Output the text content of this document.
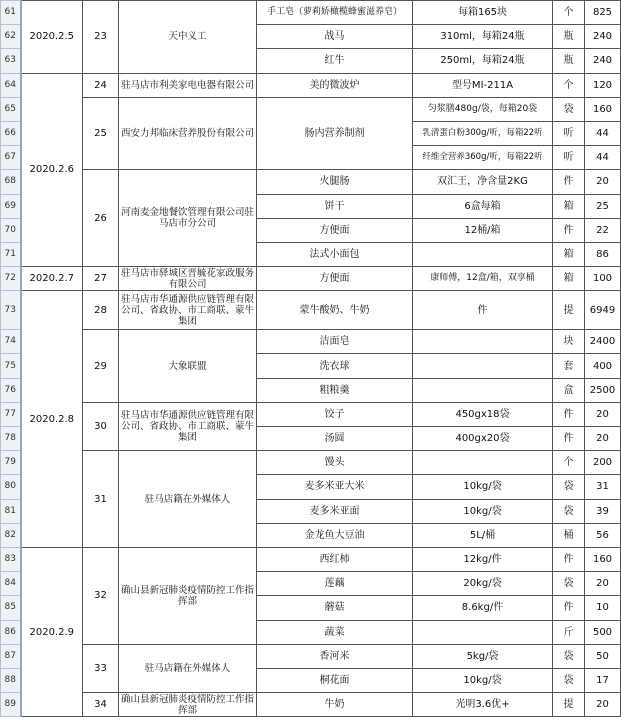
61	2020.2.5	23	天中义工	手工皂（萝莉娇橄榄蜂蜜滋养皂）	每箱165块	个	825
62				战马	310ml，每箱24瓶	瓶	240
63				红牛	250ml，每箱24瓶	瓶	240
64	2020.2.6	24	驻马店市利美家电电器有限公司	美的微波炉	型号MI-211A	个	120
65		25	西安力邦临床营养股份有限公司	肠内营养制剂	匀浆膳480g/袋，每箱20袋	袋	160
66					乳清蛋白粉300g/听，每箱22听	听	44
67					纤维全营养360g/听，每箱22听	听	44
68		26	河南麦金地餐饮管理有限公司驻马店市分公司	火腿肠	双汇王，净含量2KG	件	20
69				饼干	6盒每箱	箱	25
70				方便面	12桶/箱	件	22
71				法式小面包		箱	86
72	2020.2.7	27	驻马店市驿城区晋毓花家政服务有限公司	方便面	康师傅，12盒/箱，双享桶	箱	100
73	2020.2.8	28	驻马店市华通源供应链管理有限公司、省政协、市工商联、蒙牛集团	蒙牛酸奶、牛奶	件	提	6949
74		29	大象联盟	洁面皂		块	2400
75				洗衣球		套	400
76				粗粮羹		盒	2500
77		30	驻马店市华通源供应链管理有限公司、省政协、市工商联、蒙牛集团	饺子	450gx18袋	件	20
78				汤圆	400gx20袋	件	20
79		31	驻马店籍在外媒体人	馒头		个	200
80				麦多米亚大米	10kg/袋	袋	31
81				麦多米亚面	10kg/袋	袋	39
82				金龙鱼大豆油	5L/桶	桶	56
83	2020.2.9	32	确山县新冠肺炎疫情防控工作指挥部	西红柿	12kg/件	件	160
84				莲藕	20kg/袋	袋	20
85				蘑菇	8.6kg/件	件	10
86				蔬菜		斤	500
87		33	驻马店籍在外媒体人	香河米	5kg/袋	袋	50
88				桐花面	10kg/袋	袋	17
89		34	确山县新冠肺炎疫情防控工作指挥部	牛奶	光明3.6优+	提	20
